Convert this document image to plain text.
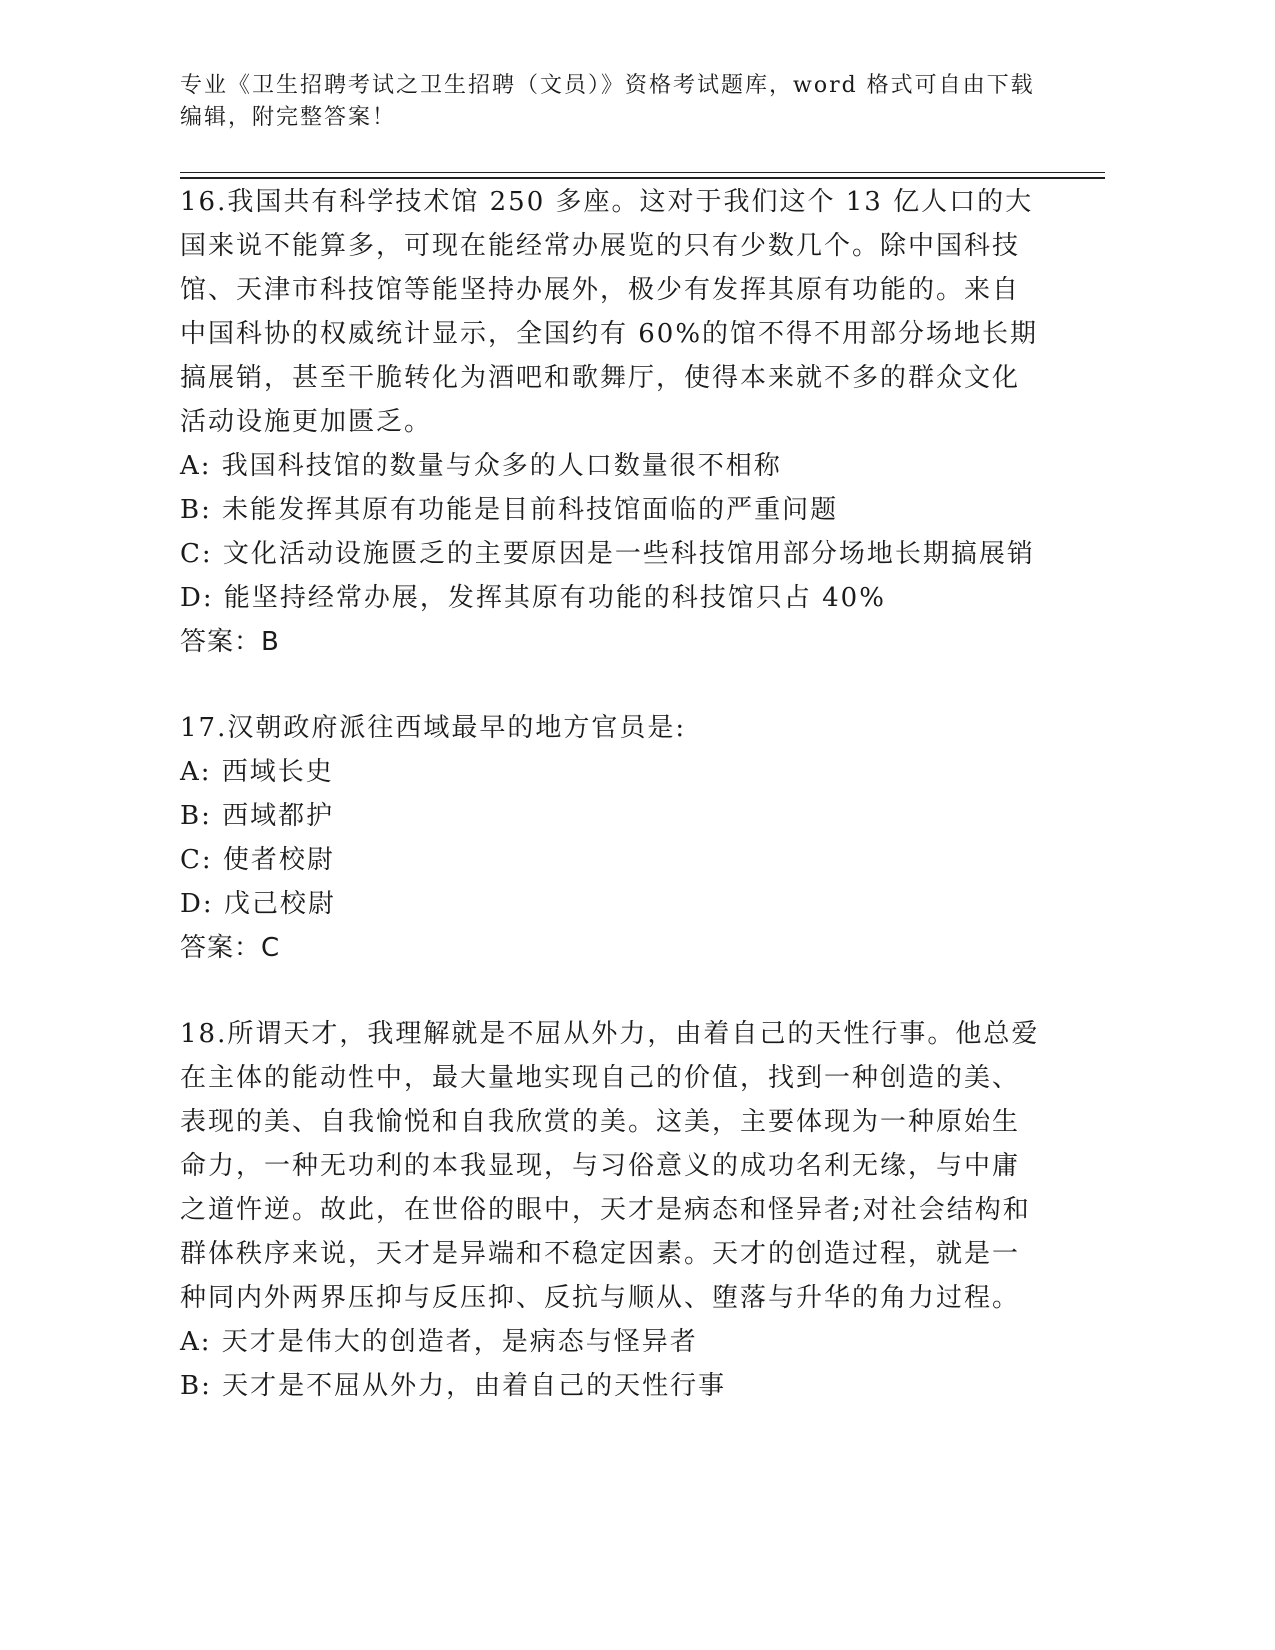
专业《卫生招聘考试之卫生招聘（文员）》资格考试题库，word 格式可自由下载编辑，附完整答案！

16.我国共有科学技术馆 250 多座。这对于我们这个 13 亿人口的大国来说不能算多，可现在能经常办展览的只有少数几个。除中国科技馆、天津市科技馆等能坚持办展外，极少有发挥其原有功能的。来自中国科协的权威统计显示，全国约有 60%的馆不得不用部分场地长期搞展销，甚至干脆转化为酒吧和歌舞厅，使得本来就不多的群众文化活动设施更加匮乏。

A: 我国科技馆的数量与众多的人口数量很不相称

B: 未能发挥其原有功能是目前科技馆面临的严重问题

C: 文化活动设施匮乏的主要原因是一些科技馆用部分场地长期搞展销

D: 能坚持经常办展，发挥其原有功能的科技馆只占 40%

答案：B

17.汉朝政府派往西域最早的地方官员是:

A: 西域长史

B: 西域都护

C: 使者校尉

D: 戊己校尉

答案：C

18.所谓天才，我理解就是不屈从外力，由着自己的天性行事。他总爱在主体的能动性中，最大量地实现自己的价值，找到一种创造的美、表现的美、自我愉悦和自我欣赏的美。这美，主要体现为一种原始生命力，一种无功利的本我显现，与习俗意义的成功名利无缘，与中庸之道忤逆。故此，在世俗的眼中，天才是病态和怪异者;对社会结构和群体秩序来说，天才是异端和不稳定因素。天才的创造过程，就是一种同内外两界压抑与反压抑、反抗与顺从、堕落与升华的角力过程。

A: 天才是伟大的创造者，是病态与怪异者

B: 天才是不屈从外力，由着自己的天性行事
